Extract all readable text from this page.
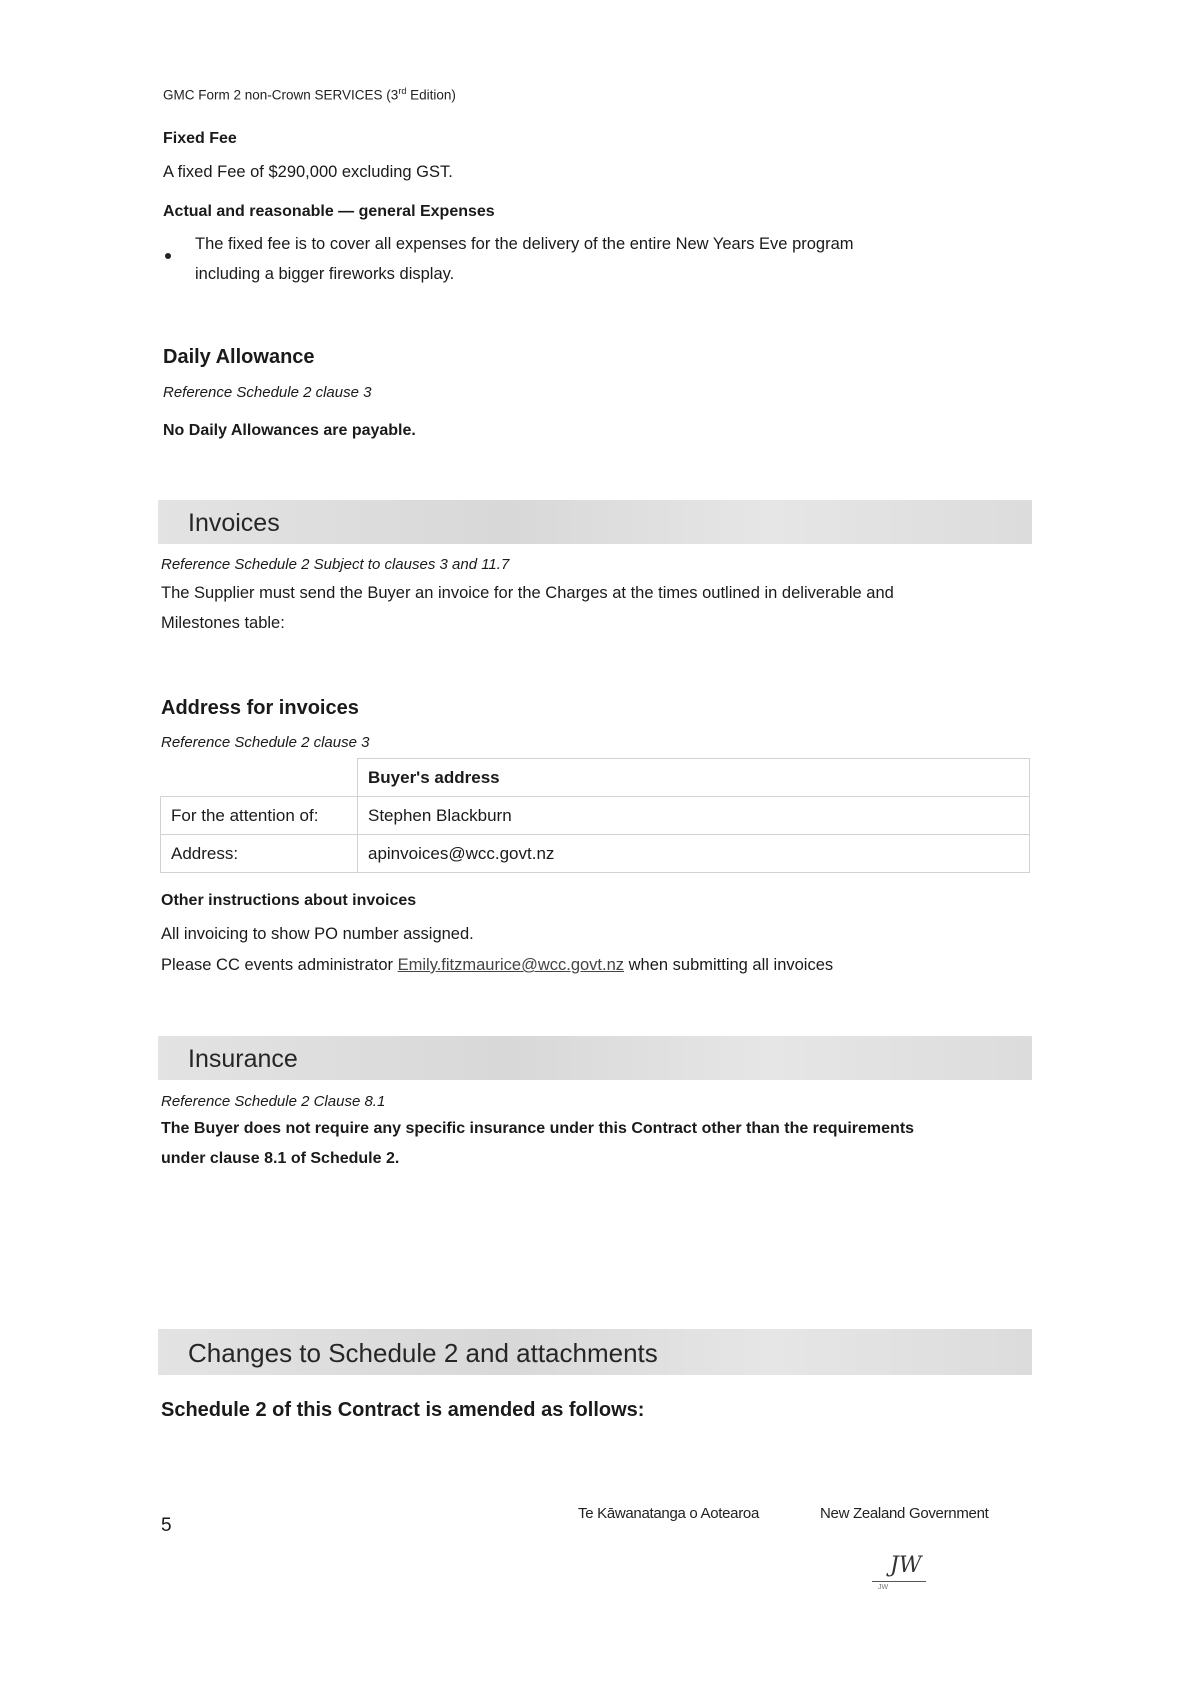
GMC Form 2 non-Crown SERVICES (3rd Edition)
Fixed Fee
A fixed Fee of $290,000 excluding GST.
Actual and reasonable — general Expenses
The fixed fee is to cover all expenses for the delivery of the entire New Years Eve program
including a bigger fireworks display.
Daily Allowance
Reference Schedule 2 clause 3
No Daily Allowances are payable.
Invoices
Reference Schedule 2 Subject to clauses 3 and 11.7
The Supplier must send the Buyer an invoice for the Charges at the times outlined in deliverable and
Milestones table:
Address for invoices
Reference Schedule 2 clause 3
	Buyer's address
For the attention of:	Stephen Blackburn
Address:	apinvoices@wcc.govt.nz
Other instructions about invoices
All invoicing to show PO number assigned.
Please CC events administrator Emily.fitzmaurice@wcc.govt.nz when submitting all invoices
Insurance
Reference Schedule 2 Clause 8.1
The Buyer does not require any specific insurance under this Contract other than the requirements
under clause 8.1 of Schedule 2.
Changes to Schedule 2 and attachments
Schedule 2 of this Contract is amended as follows:
5
Te Kāwanatanga o Aotearoa	New Zealand Government
JW
JW
